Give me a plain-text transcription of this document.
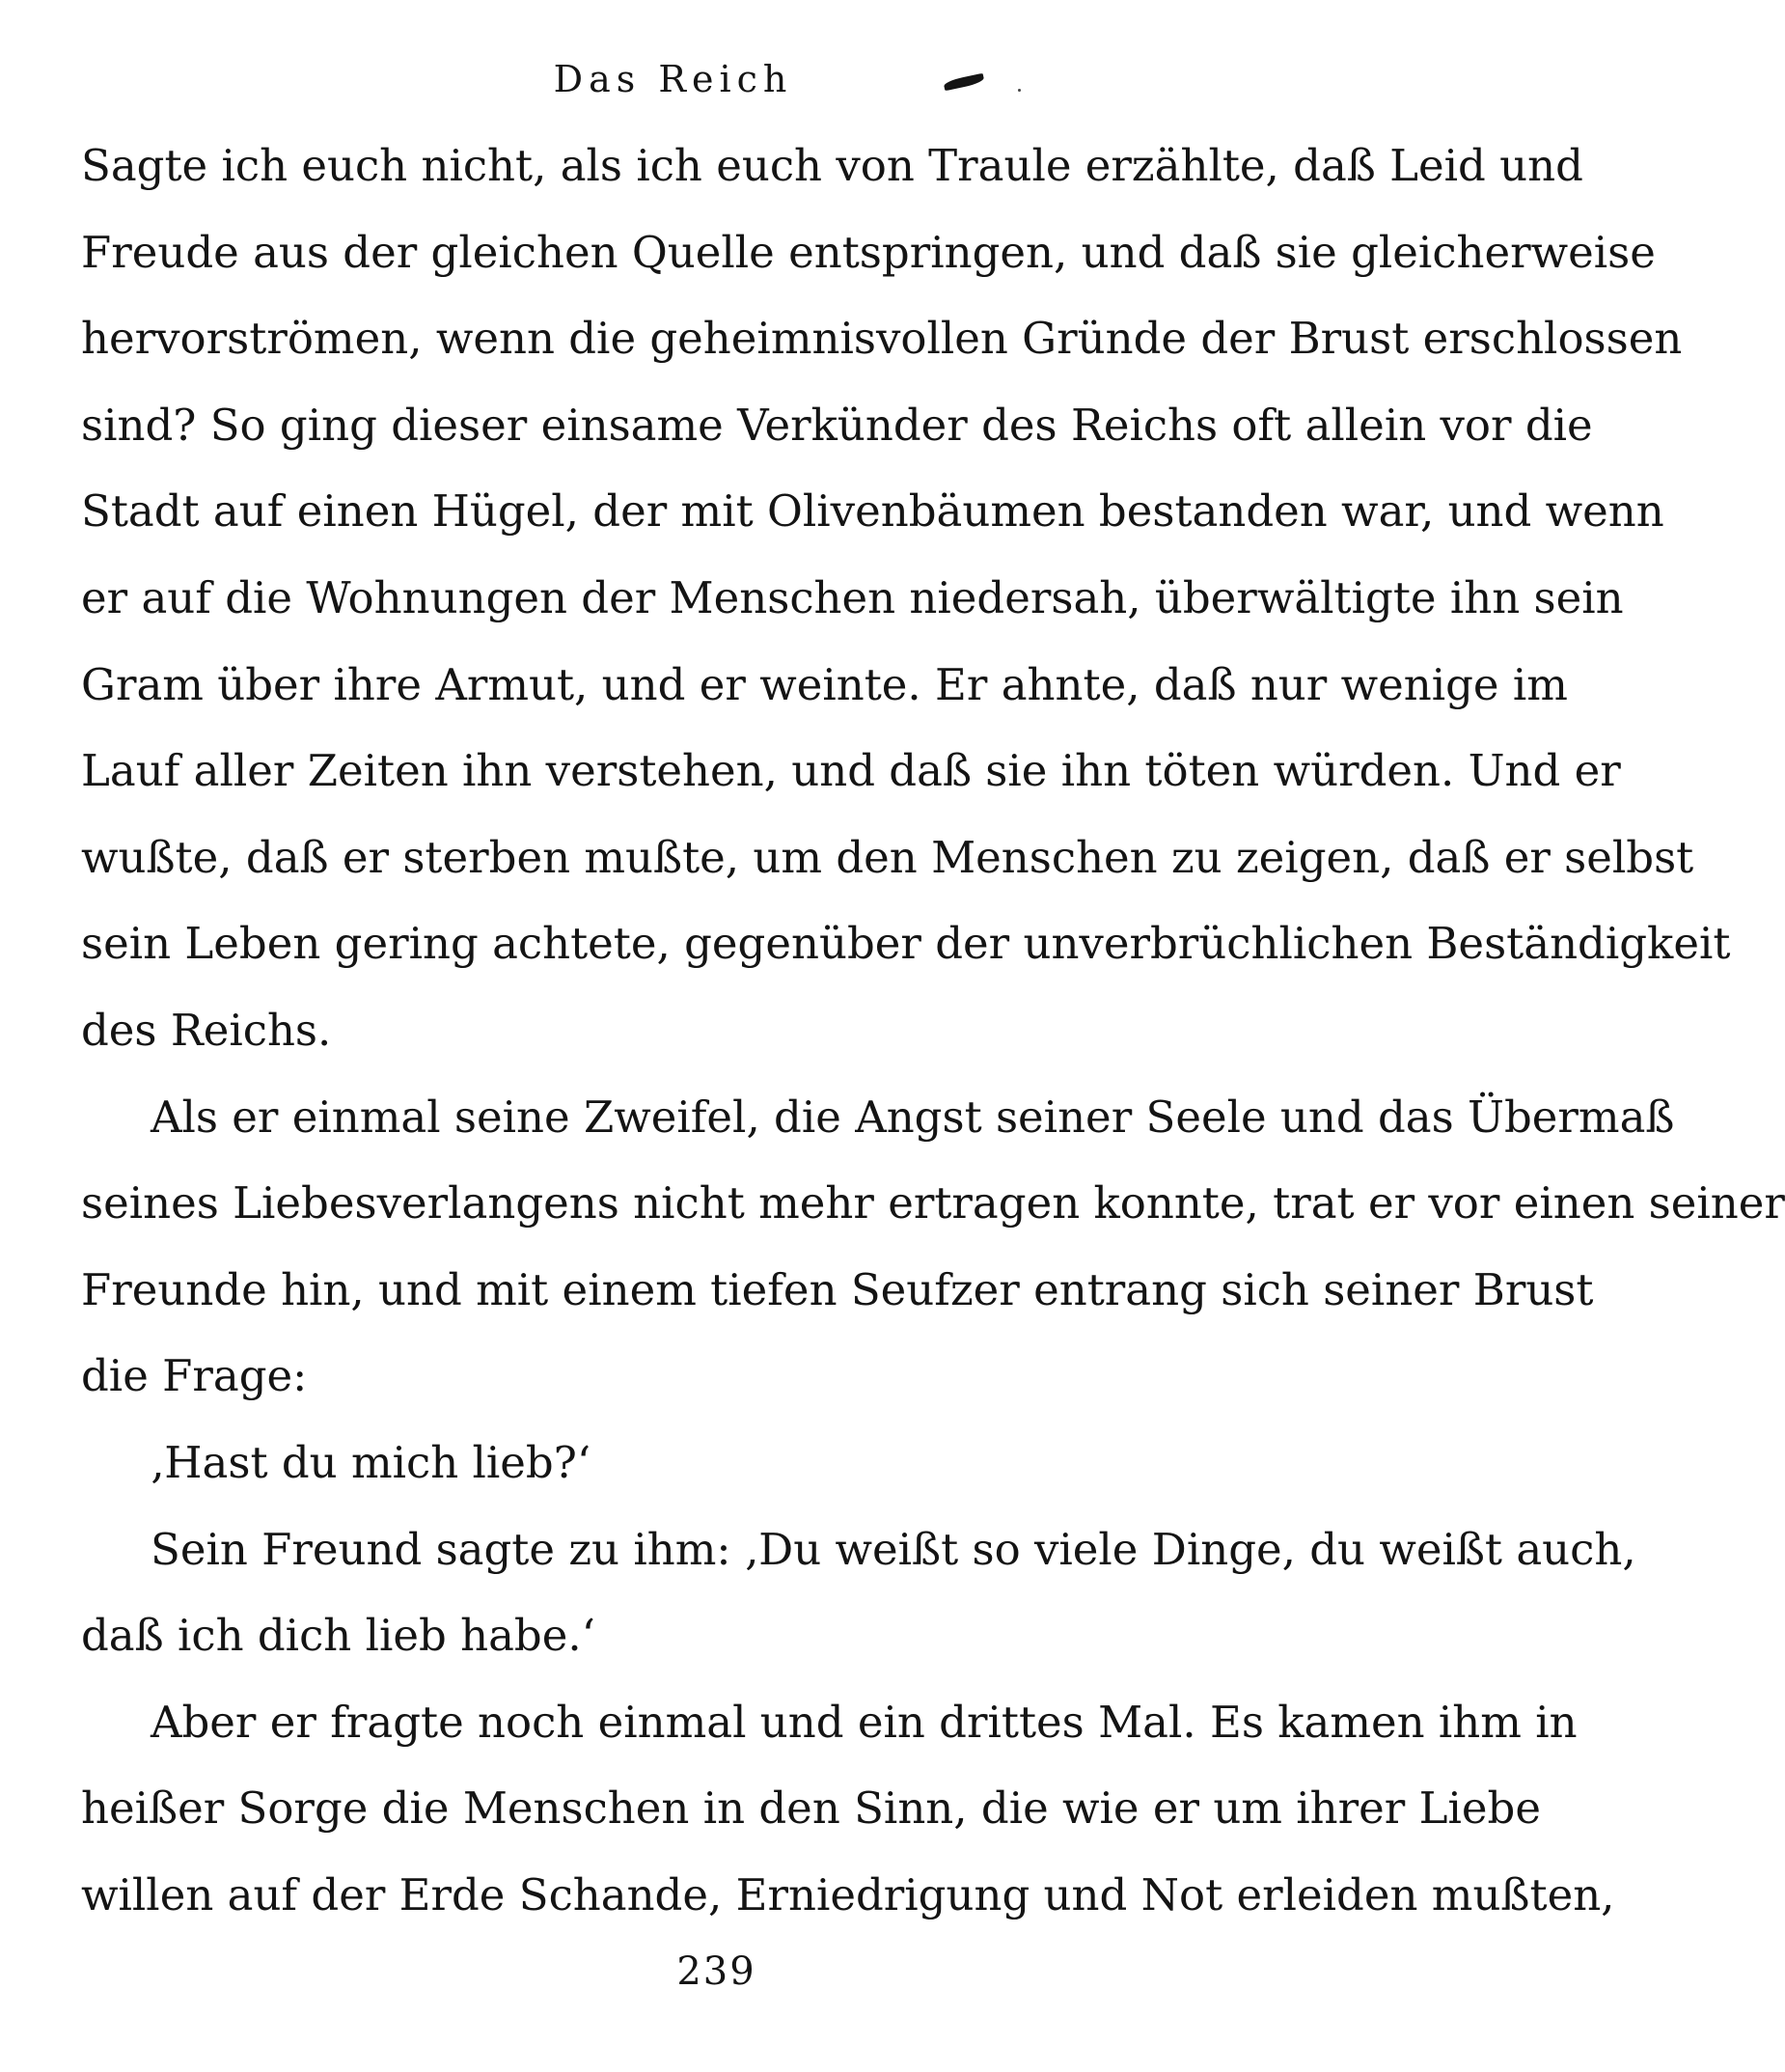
Das Reich
Sagte ich euch nicht, als ich euch von Traule erzählte, daß Leid und
Freude aus der gleichen Quelle entspringen, und daß sie gleicherweise
hervorströmen, wenn die geheimnisvollen Gründe der Brust erschlossen
sind? So ging dieser einsame Verkünder des Reichs oft allein vor die
Stadt auf einen Hügel, der mit Olivenbäumen bestanden war, und wenn
er auf die Wohnungen der Menschen niedersah, überwältigte ihn sein
Gram über ihre Armut, und er weinte. Er ahnte, daß nur wenige im
Lauf aller Zeiten ihn verstehen, und daß sie ihn töten würden. Und er
wußte, daß er sterben mußte, um den Menschen zu zeigen, daß er selbst
sein Leben gering achtete, gegenüber der unverbrüchlichen Beständigkeit
des Reichs.
Als er einmal seine Zweifel, die Angst seiner Seele und das Übermaß
seines Liebesverlangens nicht mehr ertragen konnte, trat er vor einen seiner
Freunde hin, und mit einem tiefen Seufzer entrang sich seiner Brust
die Frage:
‚Hast du mich lieb?‘
Sein Freund sagte zu ihm: ‚Du weißt so viele Dinge, du weißt auch,
daß ich dich lieb habe.‘
Aber er fragte noch einmal und ein drittes Mal. Es kamen ihm in
heißer Sorge die Menschen in den Sinn, die wie er um ihrer Liebe
willen auf der Erde Schande, Erniedrigung und Not erleiden mußten,
239
